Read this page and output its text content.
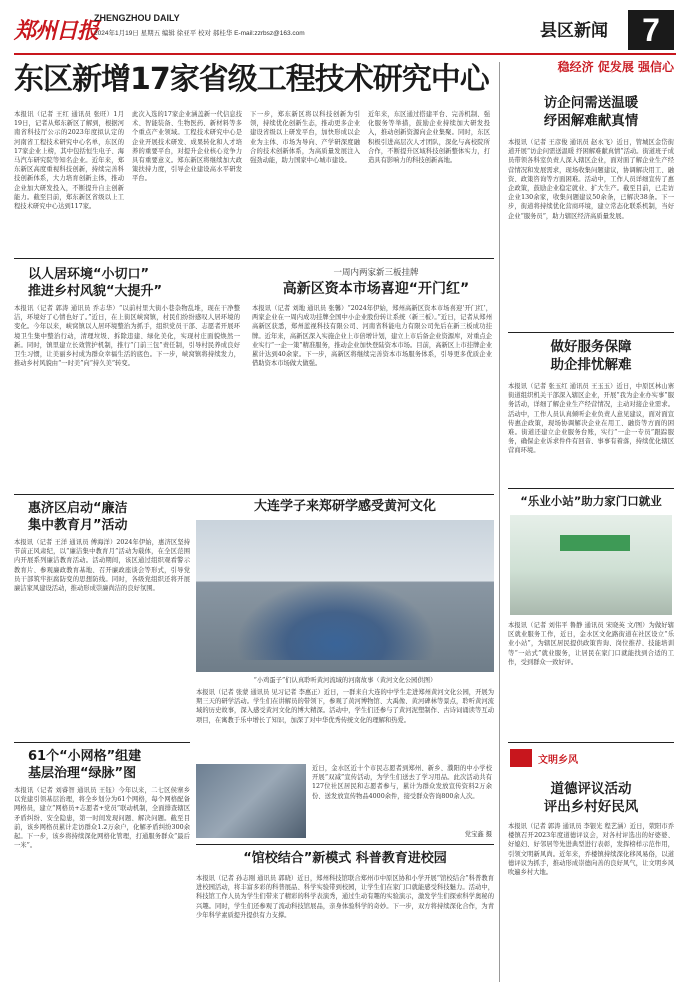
郑州日报
ZHENGZHOU DAILY
2024年1月19日 星期五 编辑 徐亚平 校对 郝桂华 E-mail:zzrbsz@163.com	县区新闻	7
东区新增17家省级工程技术研究中心
本报讯（记者 王红 通讯员 张旺）1月19日，记者从郑东新区了解到，根据河南省科技厅公示的2023年度拟认定的河南省工程技术研究中心名单，东区的17家企业上榜，其中包括恒生电子、海马汽车研究院等知名企业。近年来，郑东新区高度重视科技创新，持续完善科技创新体系，大力培育创新主体，推动企业加大研发投入，不断提升自主创新能力。截至目前，郑东新区省级以上工程技术研究中心达到117家。
此次入选的17家企业涵盖新一代信息技术、智能装备、生物医药、新材料等多个重点产业领域。工程技术研究中心是企业开展技术研发、成果转化和人才培养的重要平台，对提升企业核心竞争力具有重要意义。郑东新区将继续加大政策扶持力度，引导企业建设高水平研发平台。
下一步，郑东新区将以科技创新为引领，持续优化创新生态，推动更多企业建设省级以上研发平台，加快形成以企业为主体、市场为导向、产学研深度融合的技术创新体系，为高质量发展注入强劲动能，助力国家中心城市建设。
近年来，东区通过搭建平台、完善机制、强化服务等举措，鼓励企业持续加大研发投入，推动创新资源向企业集聚。同时，东区积极引进高层次人才团队，深化与高校院所合作，不断提升区域科技创新整体实力，打造具有影响力的科技创新高地。
稳经济 促发展 强信心
访企问需送温暖
纾困解难献真情
本报讯（记者 王彦俊 通讯员 赵永飞）近日，管城区金岱街道开展“访企问需送温暖 纾困解难献真情”活动。街道班子成员带领各科室负责人深入辖区企业，面对面了解企业生产经营情况和发展需求，现场收集问题建议，协调解决用工、融资、政策咨询等方面困难。活动中，工作人员详细宣传了惠企政策，鼓励企业稳定就业、扩大生产。截至目前，已走访企业130余家，收集问题建议50余条，已解决38条。下一步，街道将持续优化营商环境，建立常态化联系机制，当好企业“服务员”，助力辖区经济高质量发展。
以人居环境“小切口”
推进乡村风貌“大提升”
本报讯（记者 郭涛 通讯员 乔志华）“以前村里大街小巷杂物乱堆，现在干净整洁，环境好了心情也好了。”近日，在上街区峡窝镇，村民们纷纷感叹人居环境的变化。今年以来，峡窝镇以人居环境整治为抓手，组织党员干部、志愿者开展环境卫生集中整治行动，清理垃圾、拆除违建、绿化美化，实现村庄面貌焕然一新。同时，镇里建立长效管护机制，推行“门前三包”责任制，引导村民养成良好卫生习惯，让美丽乡村成为群众幸福生活的底色。下一步，峡窝镇将持续发力，推动乡村风貌由“一时美”向“持久美”转变。
一周内两家新三板挂牌
高新区资本市场喜迎“开门红”
本报讯（记者 刘地 通讯员 张馨）“2024年伊始，郑州高新区资本市场喜迎‘开门红’，两家企业在一周内成功挂牌全国中小企业股份转让系统（新三板）。”近日，记者从郑州高新区获悉，郑州蓝视科技有限公司、河南省科能电力有限公司先后在新三板成功挂牌。近年来，高新区深入实施企业上市倍增计划，建立上市后备企业资源库，对重点企业实行“一企一策”精准服务，推动企业加快登陆资本市场。目前，高新区上市挂牌企业累计达到40余家。下一步，高新区将继续完善资本市场服务体系，引导更多优质企业借助资本市场做大做强。
做好服务保障
助企排忧解难
本报讯（记者 张玉红 通讯员 王玉玉）近日，中原区林山寨街道组织机关干部深入辖区企业，开展“我为企业办实事”服务活动，详细了解企业生产经营情况，主动对接企业需求。活动中，工作人员认真倾听企业负责人意见建议，面对面宣传惠企政策，现场协调解决企业在用工、融资等方面的困难。街道还建立企业服务台账，实行“一企一专员”跟踪服务，确保企业诉求件件有回音、事事有着落，持续优化辖区营商环境。
大连学子来郑研学感受黄河文化
“小鸡蛋子”们认真聆听黄河流域的河南故事（黄河文化公园供图）
本报讯（记者 张蒙 通讯员 见习记者 李惠正）近日，一群来自大连的中学生走进郑州黄河文化公园，开展为期三天的研学活动。学生们在讲解员的带领下，参观了黄河博物馆、大禹像、黄河碑林等景点，聆听黄河流域的历史故事，深入感受黄河文化的博大精深。活动中，学生们还参与了黄河泥塑制作、古诗词诵读等互动项目，在寓教于乐中增长了知识，加深了对中华优秀传统文化的理解和热爱。
惠济区启动“廉洁
集中教育月”活动
本报讯（记者 王洋 通讯员 傅海洋）2024年伊始，惠济区坚持节前正风肃纪，以“廉洁集中教育月”活动为载体，在全区范围内开展系列廉洁教育活动。活动期间，该区通过组织观看警示教育片、参观廉政教育基地、召开廉政座谈会等形式，引导党员干部筑牢拒腐防变的思想防线。同时，各级党组织还将开展廉洁家风建设活动，推动形成崇廉尚洁的良好氛围。
“乐业小站”助力家门口就业
本报讯（记者 刘伟平 鲁静 通讯员 宋晓英 文/图）为做好辖区就业服务工作，近日，金水区文化路街道在社区设立“乐业小站”，为辖区居民提供政策咨询、岗位推荐、技能培训等“一站式”就业服务，让居民在家门口就能找到合适的工作，受到群众一致好评。
61个“小网格”组建
基层治理“绿脉”图
本报讯（记者 刘睿智 通讯员 王钰）今年以来，二七区侯寨乡以党建引领基层治理，将全乡划分为61个网格，每个网格配备网格员，建立“网格员+志愿者+党员”联动机制，全面排查辖区矛盾纠纷、安全隐患，第一时间发现问题、解决问题。截至目前，该乡网格员累计走访群众1.2万余户，化解矛盾纠纷300余起。下一步，该乡将持续深化网格化管理，打通服务群众“最后一米”。
近日，金水区近十个市民志愿者到郑州、新乡、濮阳的中小学校开展“双减”宣传活动，为学生们送去了学习用品。此次活动共有127位社区居民和志愿者参与，累计为群众发放宣传资料2万余份、送发放宣传物品4000余件，接受群众咨询800余人次。
党宝鑫 摄
“馆校结合”新模式 科普教育进校园
本报讯（记者 孙志刚 通讯员 郭晓）近日，郑州科技馆联合郑州市中原区协和小学开展“馆校结合”科普教育进校园活动，将丰富多彩的科普展品、科学实验带到校园，让学生们在家门口就能感受科技魅力。活动中，科技馆工作人员为学生们带来了精彩的科学表演秀，通过生动有趣的实验演示，激发学生们探索科学奥秘的兴趣。同时，学生们还参观了流动科技馆展品，亲身体验科学的奇妙。下一步，双方将持续深化合作，为青少年科学素质提升提供有力支撑。
文明乡风
道德评议活动
评出乡村好民风
本报讯（记者 郭涛 通讯员 李银光 程艺涵）近日，荥阳市乔楼镇召开2023年度道德评议会，对各村评选出的好婆婆、好媳妇、好邻居等先进典型进行表彰，发挥榜样示范作用，引领文明新风尚。近年来，乔楼镇持续深化移风易俗，以道德评议为抓手，推动形成崇德向善的良好风气，让文明乡风吹遍乡村大地。
